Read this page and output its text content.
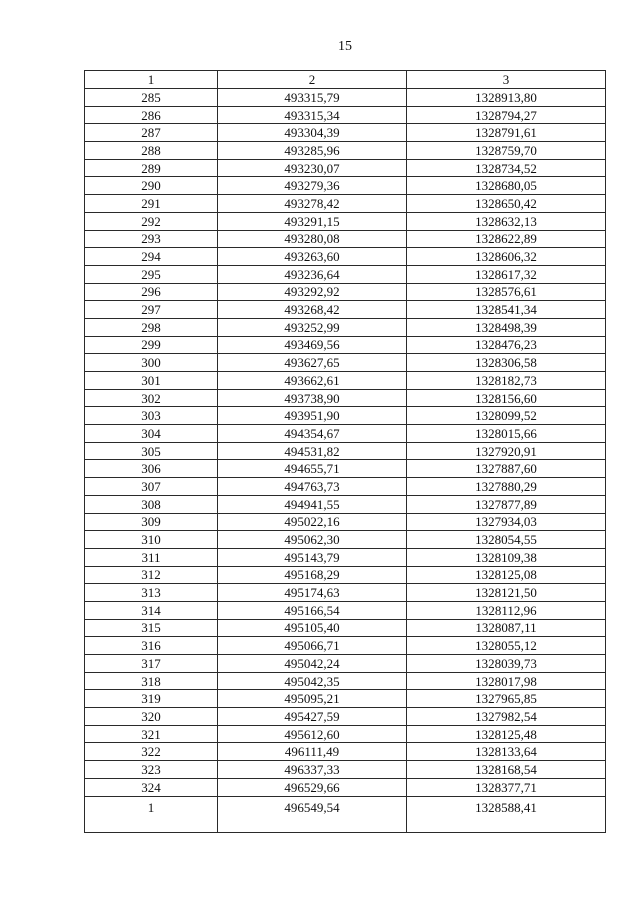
15
1	2	3
285	493315,79	1328913,80
286	493315,34	1328794,27
287	493304,39	1328791,61
288	493285,96	1328759,70
289	493230,07	1328734,52
290	493279,36	1328680,05
291	493278,42	1328650,42
292	493291,15	1328632,13
293	493280,08	1328622,89
294	493263,60	1328606,32
295	493236,64	1328617,32
296	493292,92	1328576,61
297	493268,42	1328541,34
298	493252,99	1328498,39
299	493469,56	1328476,23
300	493627,65	1328306,58
301	493662,61	1328182,73
302	493738,90	1328156,60
303	493951,90	1328099,52
304	494354,67	1328015,66
305	494531,82	1327920,91
306	494655,71	1327887,60
307	494763,73	1327880,29
308	494941,55	1327877,89
309	495022,16	1327934,03
310	495062,30	1328054,55
311	495143,79	1328109,38
312	495168,29	1328125,08
313	495174,63	1328121,50
314	495166,54	1328112,96
315	495105,40	1328087,11
316	495066,71	1328055,12
317	495042,24	1328039,73
318	495042,35	1328017,98
319	495095,21	1327965,85
320	495427,59	1327982,54
321	495612,60	1328125,48
322	496111,49	1328133,64
323	496337,33	1328168,54
324	496529,66	1328377,71
1	496549,54	1328588,41
